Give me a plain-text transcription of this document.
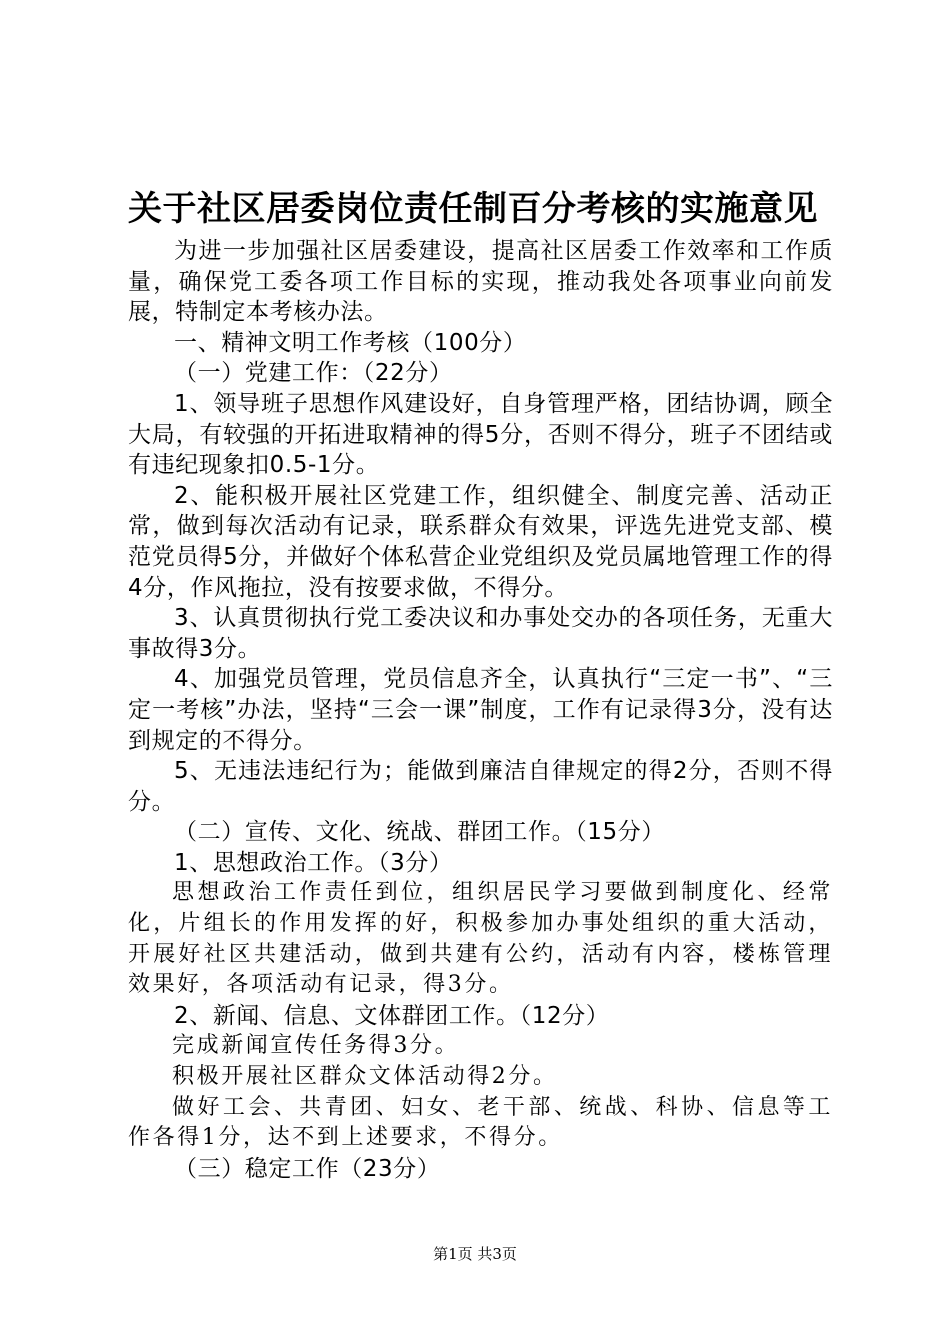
关于社区居委岗位责任制百分考核的实施意见

为进一步加强社区居委建设，提高社区居委工作效率和工作质量，确保党工委各项工作目标的实现，推动我处各项事业向前发展，特制定本考核办法。

一、精神文明工作考核（100分）

（一）党建工作：（22分）

1、领导班子思想作风建设好，自身管理严格，团结协调，顾全大局，有较强的开拓进取精神的得5分，否则不得分，班子不团结或有违纪现象扣0.5-1分。

2、能积极开展社区党建工作，组织健全、制度完善、活动正常，做到每次活动有记录，联系群众有效果，评选先进党支部、模范党员得5分，并做好个体私营企业党组织及党员属地管理工作的得4分，作风拖拉，没有按要求做，不得分。

3、认真贯彻执行党工委决议和办事处交办的各项任务，无重大事故得3分。

4、加强党员管理，党员信息齐全，认真执行“三定一书”、“三定一考核”办法，坚持“三会一课”制度，工作有记录得3分，没有达到规定的不得分。

5、无违法违纪行为；能做到廉洁自律规定的得2分，否则不得分。

（二）宣传、文化、统战、群团工作。（15分）

1、思想政治工作。（3分）

思想政治工作责任到位，组织居民学习要做到制度化、经常化，片组长的作用发挥的好，积极参加办事处组织的重大活动，开展好社区共建活动，做到共建有公约，活动有内容，楼栋管理效果好，各项活动有记录，得3分。

2、新闻、信息、文体群团工作。（12分）

完成新闻宣传任务得3分。

积极开展社区群众文体活动得2分。

做好工会、共青团、妇女、老干部、统战、科协、信息等工作各得1分，达不到上述要求，不得分。

（三）稳定工作（23分）

第1页 共3页
